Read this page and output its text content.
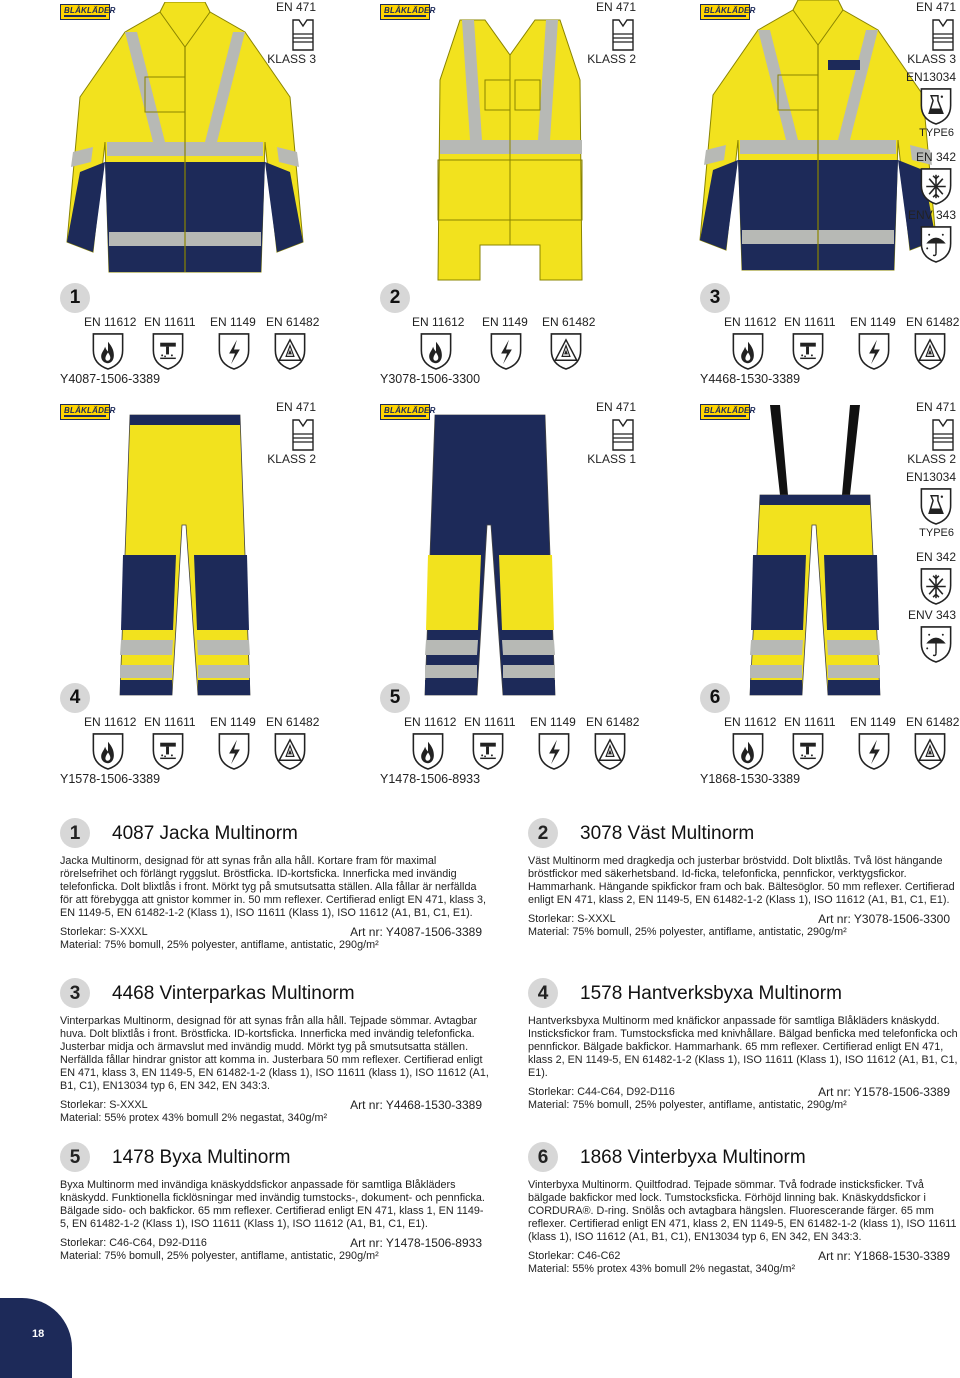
BLÅKLÄDER	EN 471
KLASS 3
1
EN 11612 EN 11611 EN 1149 EN 61482
Y4087-1506-3389
BLÅKLÄDER	EN 471
KLASS 2
2
EN 11612 EN 1149 EN 61482
Y3078-1506-3300
BLÅKLÄDER	EN 471
KLASS 3
EN13034
TYPE6
EN 342
ENV 343
3
EN 11612 EN 11611 EN 1149 EN 61482
Y4468-1530-3389
BLÅKLÄDER	EN 471
KLASS 2
4
EN 11612 EN 11611 EN 1149 EN 61482
Y1578-1506-3389
BLÅKLÄDER	EN 471
KLASS 1
5
EN 11612 EN 11611 EN 1149 EN 61482
Y1478-1506-8933
BLÅKLÄDER	EN 471
KLASS 2
EN13034
TYPE6
EN 342
ENV 343
6
EN 11612 EN 11611 EN 1149 EN 61482
Y1868-1530-3389
1	4087 Jacka Multinorm

Jacka Multinorm, designad för att synas från alla håll. Kortare fram för maximal rörelsefrihet och förlängt ryggslut. Bröstficka. ID-kortsficka. Innerficka med invändig telefonficka. Dolt blixtlås i front. Mörkt tyg på smutsutsatta ställen. Alla fållar är nerfällda för att förebygga att gnistor kommer in. 50 mm reflexer. Certifierad enligt EN 471, klass 3, EN 1149-5, EN 61482-1-2 (Klass 1), ISO 11611 (Klass 1), ISO 11612 (A1, B1, C1, E1).

Storlekar: S-XXXL	Art nr: Y4087-1506-3389

Material: 75% bomull, 25% polyester, antiflame, antistatic, 290g/m²

2	3078 Väst Multinorm

Väst Multinorm med dragkedja och justerbar bröstvidd. Dolt blixtlås. Två löst hängande bröstfickor med säkerhetsband. Id-ficka, telefonficka, pennfickor, verktygsfickor. Hammarhank. Hängande spikfickor fram och bak. Bältesöglor. 50 mm reflexer. Certifierad enligt EN 471, klass 2, EN 1149-5, EN 61482-1-2 (Klass 1), ISO 11612 (A1, B1, C1, E1).

Storlekar: S-XXXL	Art nr: Y3078-1506-3300

Material: 75% bomull, 25% polyester, antiflame, antistatic, 290g/m²

3	4468 Vinterparkas Multinorm

Vinterparkas Multinorm, designad för att synas från alla håll. Tejpade sömmar. Avtagbar huva. Dolt blixtlås i front. Bröstficka. ID-kortsficka. Innerficka med invändig telefonficka. Justerbar midja och ärmavslut med invändig mudd. Mörkt tyg på smutsutsatta ställen. Nerfällda fållar hindrar gnistor att komma in. Justerbara 50 mm reflexer. Certifierad enligt EN 471, klass 3, EN 1149-5, EN 61482-1-2 (klass 1), ISO 11611 (klass 1), ISO 11612 (A1, B1, C1), EN13034 typ 6, EN 342, EN 343:3.

Storlekar: S-XXXL	Art nr: Y4468-1530-3389

Material: 55% protex 43% bomull 2% negastat, 340g/m²

4	1578 Hantverksbyxa Multinorm

Hantverksbyxa Multinorm med knäfickor anpassade för samtliga Blåkläders knäskydd. Insticksfickor fram. Tumstocksficka med knivhållare. Bälgad benficka med telefonficka och pennfickor. Bälgade bakfickor. Hammarhank. 65 mm reflexer. Certifierad enligt EN 471, klass 2, EN 1149-5, EN 61482-1-2 (Klass 1), ISO 11611 (Klass 1), ISO 11612 (A1, B1, C1, E1).

Storlekar: C44-C64, D92-D116	Art nr: Y1578-1506-3389

Material: 75% bomull, 25% polyester, antiflame, antistatic, 290g/m²

5	1478 Byxa Multinorm

Byxa Multinorm med invändiga knäskyddsfickor anpassade för samtliga Blåkläders knäskydd. Funktionella ficklösningar med invändig tumstocks-, dokument- och pennficka. Bälgade sido- och bakfickor. 65 mm reflexer. Certifierad enligt EN 471, klass 1, EN 1149-5, EN 61482-1-2 (Klass 1), ISO 11611 (Klass 1), ISO 11612 (A1, B1, C1, E1).

Storlekar: C46-C64, D92-D116	Art nr: Y1478-1506-8933

Material: 75% bomull, 25% polyester, antiflame, antistatic, 290g/m²

6	1868 Vinterbyxa Multinorm

Vinterbyxa Multinorm. Quiltfodrad. Tejpade sömmar. Två fodrade insticksficker. Två bälgade bakfickor med lock. Tumstocksficka. Förhöjd linning bak. Knäskyddsfickor i CORDURA®. D-ring. Snölås och avtagbara hängslen. Fluorescerande färger. 65 mm reflexer. Certifierad enligt EN 471, klass 2, EN 1149-5, EN 61482-1-2 (klass 1), ISO 11611 (klass 1), ISO 11612 (A1, B1, C1), EN13034 typ 6, EN 342, EN 343:3.

Storlekar: C46-C62	Art nr: Y1868-1530-3389

Material: 55% protex 43% bomull 2% negastat, 340g/m²

18
